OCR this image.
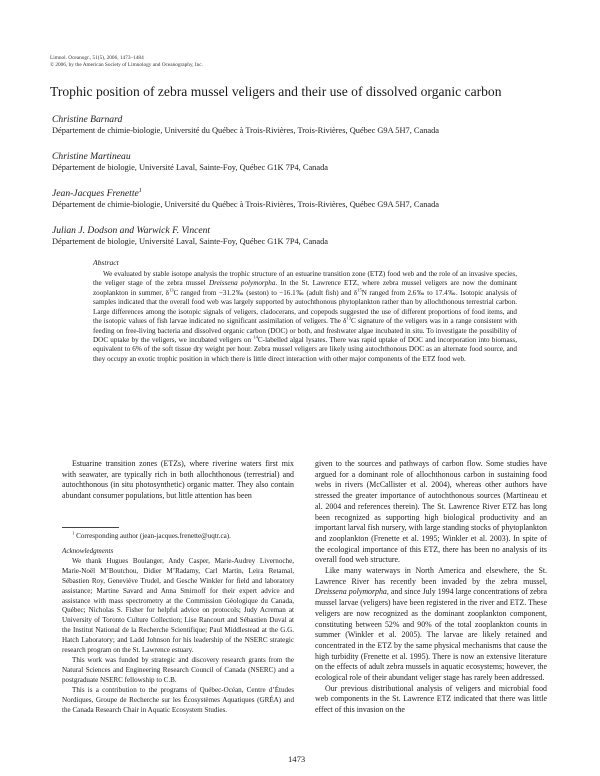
Limnol. Oceanogr., 51(5), 2006, 1473–1484
© 2006, by the American Society of Limnology and Oceanography, Inc.
Trophic position of zebra mussel veligers and their use of dissolved organic carbon
Christine Barnard
Département de chimie-biologie, Université du Québec à Trois-Rivières, Trois-Rivières, Québec G9A 5H7, Canada
Christine Martineau
Département de biologie, Université Laval, Sainte-Foy, Québec G1K 7P4, Canada
Jean-Jacques Frenette$^1$
Département de chimie-biologie, Université du Québec à Trois-Rivières, Trois-Rivières, Québec G9A 5H7, Canada
Julian J. Dodson and Warwick F. Vincent
Département de biologie, Université Laval, Sainte-Foy, Québec G1K 7P4, Canada
Abstract
We evaluated by stable isotope analysis the trophic structure of an estuarine transition zone (ETZ) food web and the role of an invasive species, the veliger stage of the zebra mussel Dreissena polymorpha. In the St. Lawrence ETZ, where zebra mussel veligers are now the dominant zooplankton in summer, $\delta^{13}C$ ranged from −31.2‰ (seston) to −16.1‰ (adult fish) and $\delta^{15}N$ ranged from 2.6‰ to 17.4‰. Isotopic analysis of samples indicated that the overall food web was largely supported by autochthonous phytoplankton rather than by allochthonous terrestrial carbon. Large differences among the isotopic signals of veligers, cladocerans, and copepods suggested the use of different proportions of food items, and the isotopic values of fish larvae indicated no significant assimilation of veligers. The $\delta^{13}C$ signature of the veligers was in a range consistent with feeding on free-living bacteria and dissolved organic carbon (DOC) or both, and freshwater algae incubated in situ. To investigate the possibility of DOC uptake by the veligers, we incubated veligers on $^{14}$C-labelled algal lysates. There was rapid uptake of DOC and incorporation into biomass, equivalent to 6% of the soft tissue dry weight per hour. Zebra mussel veligers are likely using autochthonous DOC as an alternate food source, and they occupy an exotic trophic position in which there is little direct interaction with other major components of the ETZ food web.

Estuarine transition zones (ETZs), where riverine waters first mix with seawater, are typically rich in both allochthonous (terrestrial) and autochthonous (in situ photosynthetic) organic matter. They also contain abundant consumer populations, but little attention has been

$^1$ Corresponding author (jean-jacques.frenette@uqtr.ca).

Acknowledgments

We thank Hugues Boulanger, Andy Casper, Marie-Audrey Livernoche, Marie-Noël M’Boutchou, Didier M’Radamy, Carl Martin, Leira Retamal, Sébastien Roy, Geneviève Trudel, and Gesche Winkler for field and laboratory assistance; Martine Savard and Anna Smirnoff for their expert advice and assistance with mass spectrometry at the Commission Géologique du Canada, Québec; Nicholas S. Fisher for helpful advice on protocols; Judy Acreman at University of Toronto Culture Collection; Lise Rancourt and Sébastien Duval at the Institut National de la Recherche Scientifique; Paul Middlestead at the G.G. Hatch Laboratory; and Ladd Johnson for his leadership of the NSERC strategic research program on the St. Lawrence estuary.

This work was funded by strategic and discovery research grants from the Natural Sciences and Engineering Research Council of Canada (NSERC) and a postgraduate NSERC fellowship to C.B.

This is a contribution to the programs of Québec-Océan, Centre d’Études Nordiques, Groupe de Recherche sur les Écosystèmes Aquatiques (GRÉA) and the Canada Research Chair in Aquatic Ecosystem Studies.

given to the sources and pathways of carbon flow. Some studies have argued for a dominant role of allochthonous carbon in sustaining food webs in rivers (McCallister et al. 2004), whereas other authors have stressed the greater importance of autochthonous sources (Martineau et al. 2004 and references therein). The St. Lawrence River ETZ has long been recognized as supporting high biological productivity and an important larval fish nursery, with large standing stocks of phytoplankton and zooplankton (Frenette et al. 1995; Winkler et al. 2003). In spite of the ecological importance of this ETZ, there has been no analysis of its overall food web structure.

Like many waterways in North America and elsewhere, the St. Lawrence River has recently been invaded by the zebra mussel, Dreissena polymorpha, and since July 1994 large concentrations of zebra mussel larvae (veligers) have been registered in the river and ETZ. These veligers are now recognized as the dominant zooplankton component, constituting between 52% and 90% of the total zooplankton counts in summer (Winkler et al. 2005). The larvae are likely retained and concentrated in the ETZ by the same physical mechanisms that cause the high turbidity (Frenette et al. 1995). There is now an extensive literature on the effects of adult zebra mussels in aquatic ecosystems; however, the ecological role of their abundant veliger stage has rarely been addressed.

Our previous distributional analysis of veligers and microbial food web components in the St. Lawrence ETZ indicated that there was little effect of this invasion on the

1473
